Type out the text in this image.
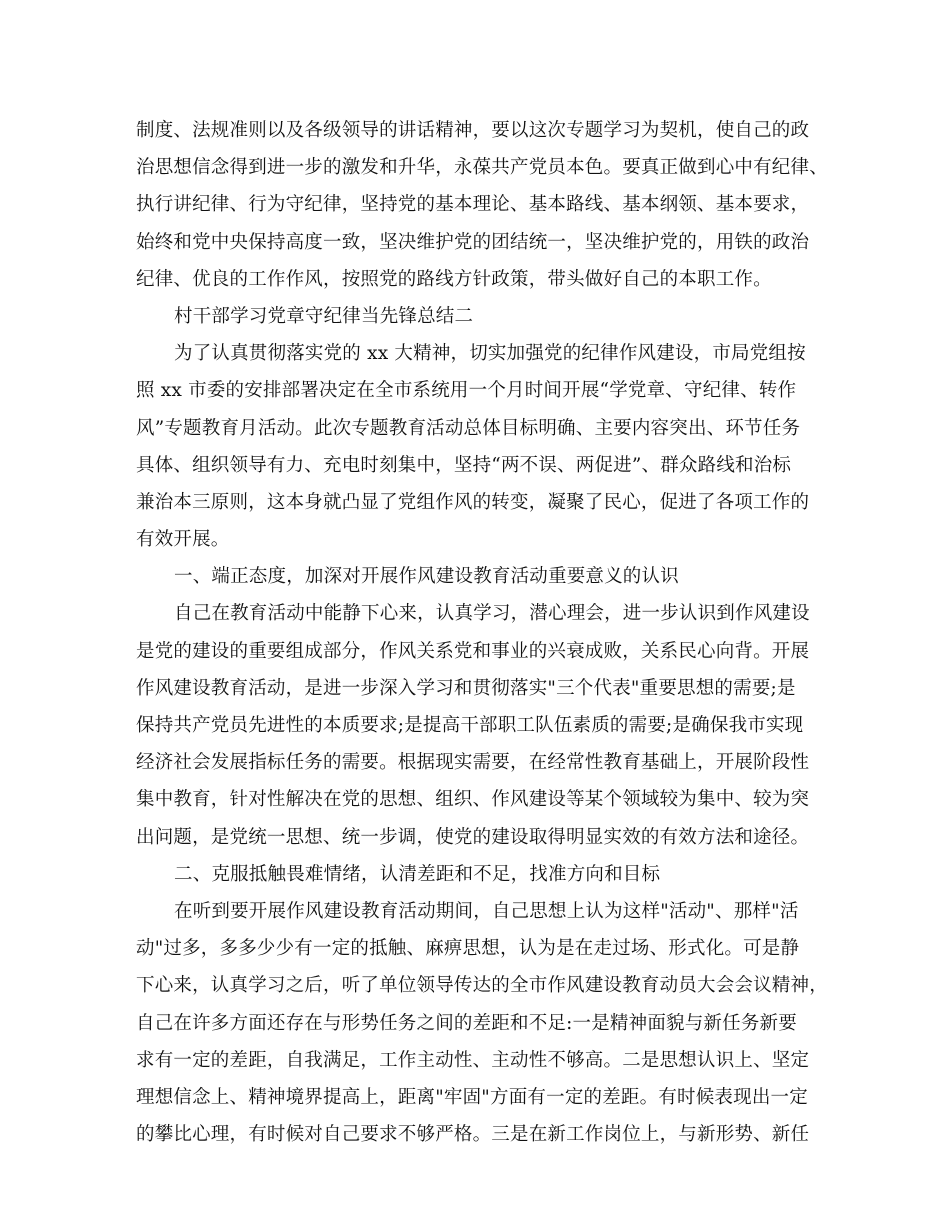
制度、法规准则以及各级领导的讲话精神，要以这次专题学习为契机，使自己的政
治思想信念得到进一步的激发和升华，永葆共产党员本色。要真正做到心中有纪律、
执行讲纪律、行为守纪律，坚持党的基本理论、基本路线、基本纲领、基本要求，
始终和党中央保持高度一致，坚决维护党的团结统一，坚决维护党的，用铁的政治
纪律、优良的工作作风，按照党的路线方针政策，带头做好自己的本职工作。
村干部学习党章守纪律当先锋总结二
为了认真贯彻落实党的 xx 大精神，切实加强党的纪律作风建设，市局党组按
照 xx 市委的安排部署决定在全市系统用一个月时间开展“学党章、守纪律、转作
风”专题教育月活动。此次专题教育活动总体目标明确、主要内容突出、环节任务
具体、组织领导有力、充电时刻集中，坚持“两不误、两促进”、群众路线和治标
兼治本三原则，这本身就凸显了党组作风的转变，凝聚了民心，促进了各项工作的
有效开展。
一、端正态度，加深对开展作风建设教育活动重要意义的认识
自己在教育活动中能静下心来，认真学习，潜心理会，进一步认识到作风建设
是党的建设的重要组成部分，作风关系党和事业的兴衰成败，关系民心向背。开展
作风建设教育活动，是进一步深入学习和贯彻落实"三个代表"重要思想的需要;是
保持共产党员先进性的本质要求;是提高干部职工队伍素质的需要;是确保我市实现
经济社会发展指标任务的需要。根据现实需要，在经常性教育基础上，开展阶段性
集中教育，针对性解决在党的思想、组织、作风建设等某个领域较为集中、较为突
出问题，是党统一思想、统一步调，使党的建设取得明显实效的有效方法和途径。
二、克服抵触畏难情绪，认清差距和不足，找准方向和目标
在听到要开展作风建设教育活动期间，自己思想上认为这样"活动"、那样"活
动"过多，多多少少有一定的抵触、麻痹思想，认为是在走过场、形式化。可是静
下心来，认真学习之后，听了单位领导传达的全市作风建设教育动员大会会议精神，
自己在许多方面还存在与形势任务之间的差距和不足:一是精神面貌与新任务新要
求有一定的差距，自我满足，工作主动性、主动性不够高。二是思想认识上、坚定
理想信念上、精神境界提高上，距离"牢固"方面有一定的差距。有时候表现出一定
的攀比心理，有时候对自己要求不够严格。三是在新工作岗位上，与新形势、新任
